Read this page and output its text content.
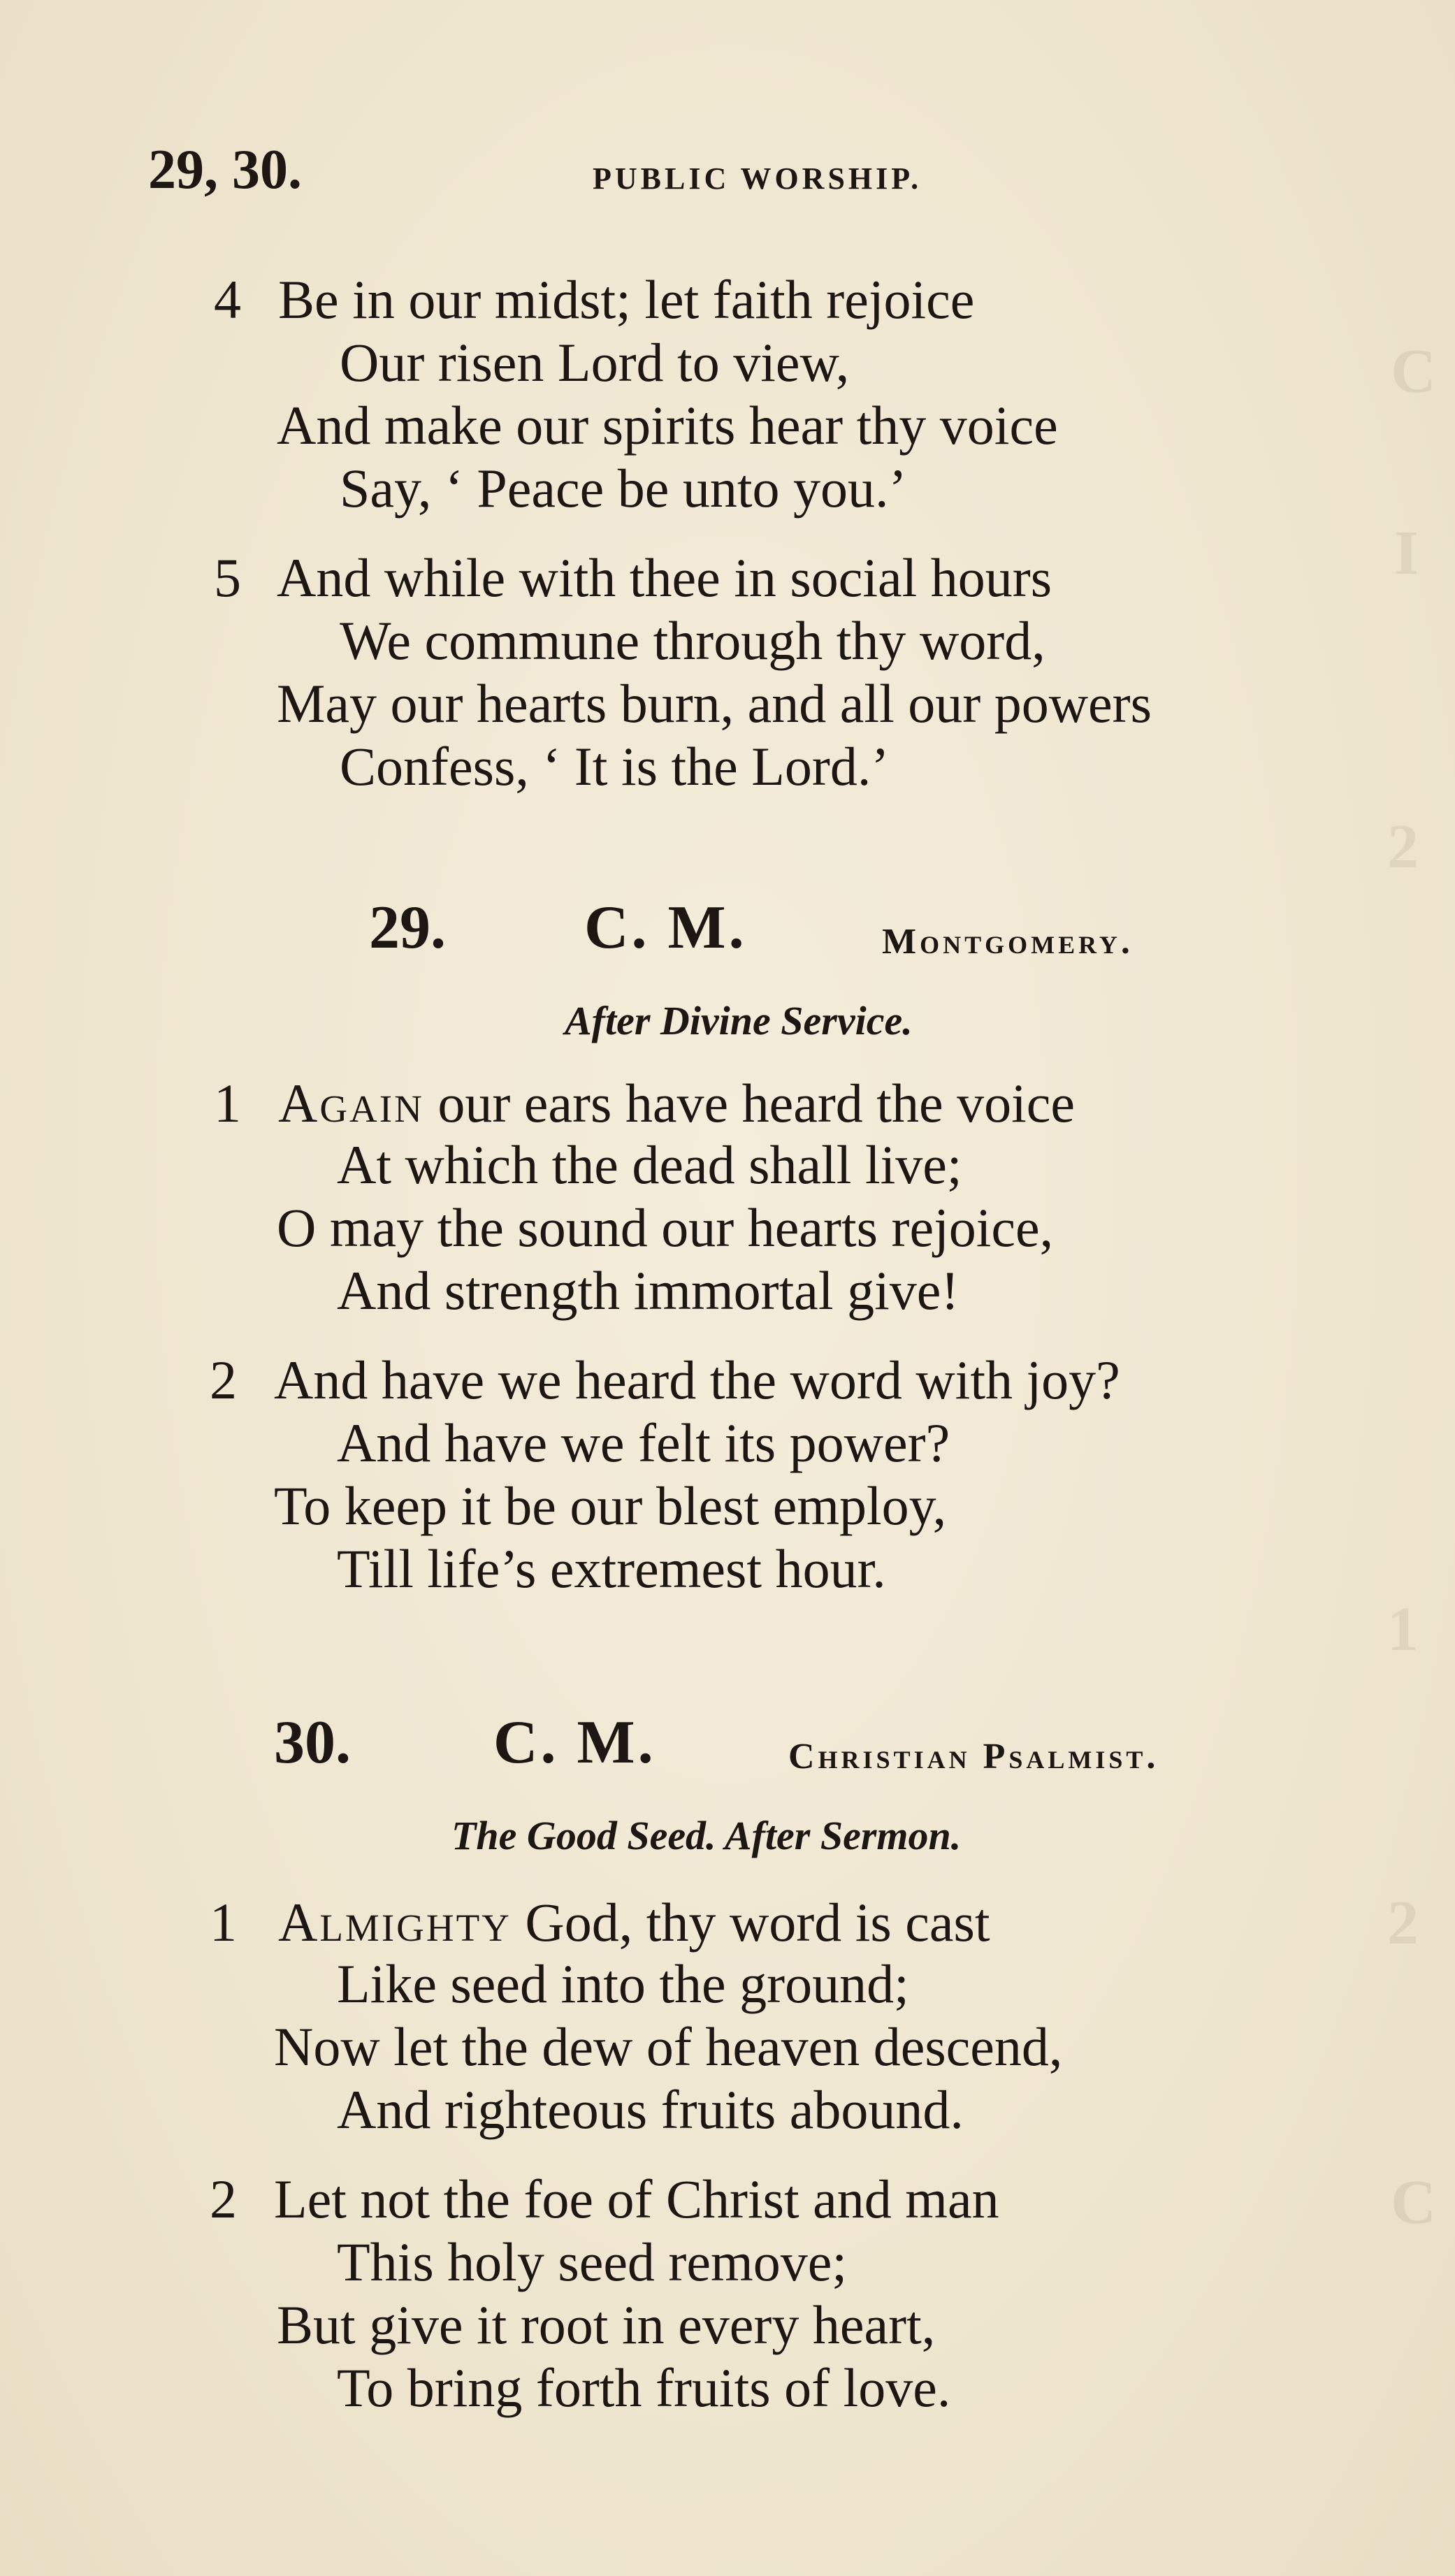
C
I
2
1
2
C
29, 30.	PUBLIC WORSHIP.
4 Be in our midst; let faith rejoice
Our risen Lord to view,
And make our spirits hear thy voice
Say, ‘ Peace be unto you.’
5 And while with thee in social hours
We commune through thy word,
May our hearts burn, and all our powers
Confess, ‘ It is the Lord.’
29. C. M.	Montgomery.
After Divine Service.
1 Again our ears have heard the voice
At which the dead shall live;
O may the sound our hearts rejoice,
And strength immortal give!
2 And have we heard the word with joy?
And have we felt its power?
To keep it be our blest employ,
Till life’s extremest hour.
30. C. M.	Christian Psalmist.
The Good Seed. After Sermon.
1 Almighty God, thy word is cast
Like seed into the ground;
Now let the dew of heaven descend,
And righteous fruits abound.
2 Let not the foe of Christ and man
This holy seed remove;
But give it root in every heart,
To bring forth fruits of love.
